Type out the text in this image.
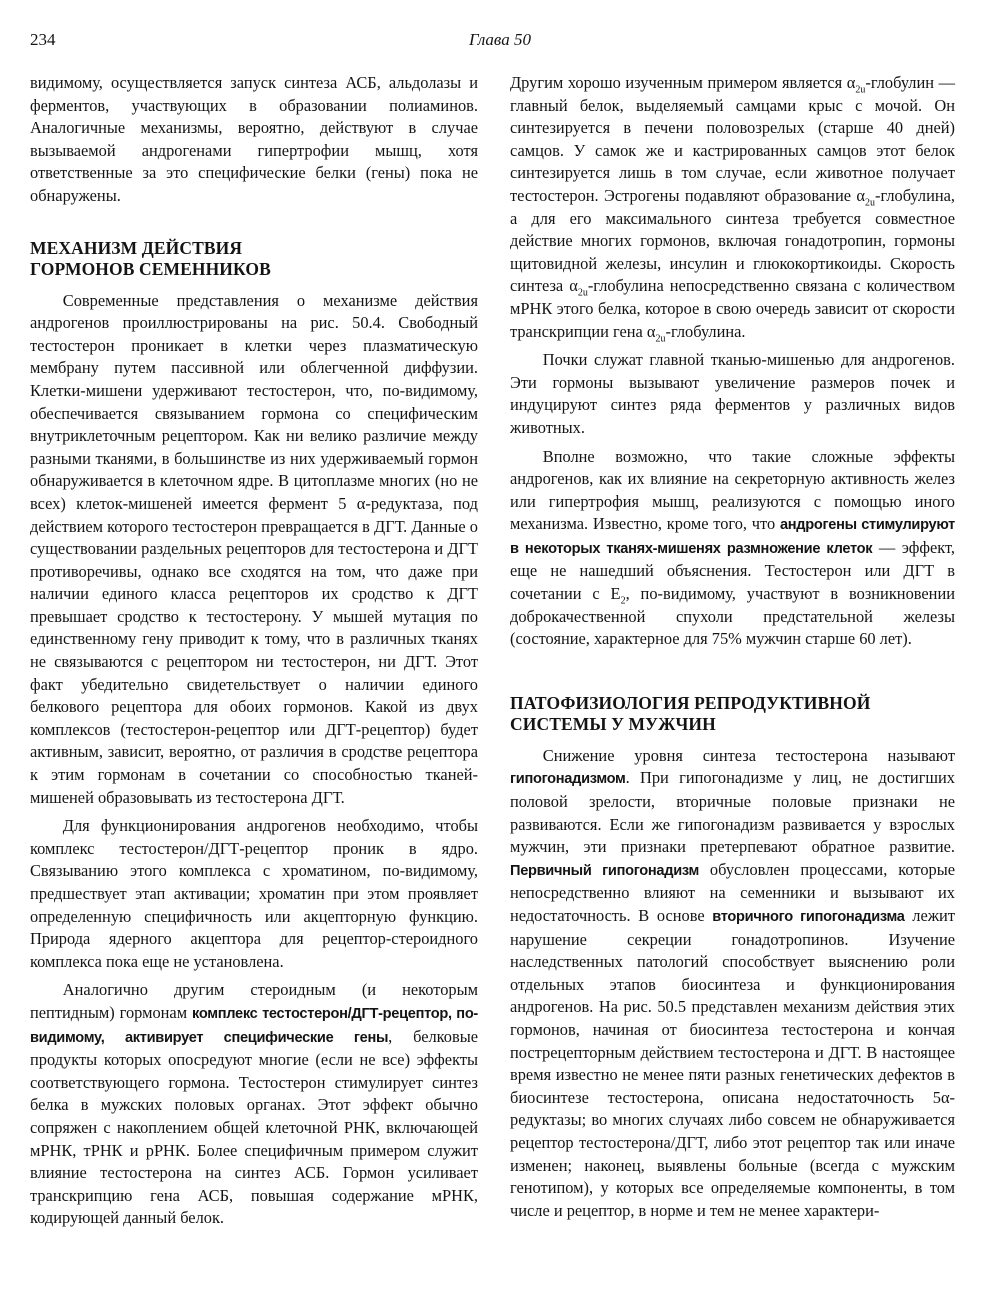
234	Глава 50

видимому, осуществляется запуск синтеза АСБ, альдолазы и ферментов, участвующих в образовании полиаминов. Аналогичные механизмы, вероятно, действуют в случае вызываемой андрогенами гипертрофии мышц, хотя ответственные за это специфические белки (гены) пока не обнаружены.

МЕХАНИЗМ ДЕЙСТВИЯ
ГОРМОНОВ СЕМЕННИКОВ

Современные представления о механизме действия андрогенов проиллюстрированы на рис. 50.4. Свободный тестостерон проникает в клетки через плазматическую мембрану путем пассивной или облегченной диффузии. Клетки-мишени удерживают тестостерон, что, по-видимому, обеспечивается связыванием гормона со специфическим внутриклеточным рецептором. Как ни велико различие между разными тканями, в большинстве из них удерживаемый гормон обнаруживается в клеточном ядре. В цитоплазме многих (но не всех) клеток-мишеней имеется фермент 5 α-редуктаза, под действием которого тестостерон превращается в ДГТ. Данные о существовании раздельных рецепторов для тестостерона и ДГТ противоречивы, однако все сходятся на том, что даже при наличии единого класса рецепторов их сродство к ДГТ превышает сродство к тестостерону. У мышей мутация по единственному гену приводит к тому, что в различных тканях не связываются с рецептором ни тестостерон, ни ДГТ. Этот факт убедительно свидетельствует о наличии единого белкового рецептора для обоих гормонов. Какой из двух комплексов (тестостерон-рецептор или ДГТ-рецептор) будет активным, зависит, вероятно, от различия в сродстве рецептора к этим гормонам в сочетании со способностью тканей-мишеней образовывать из тестостерона ДГТ.

Для функционирования андрогенов необходимо, чтобы комплекс тестостерон/ДГТ-рецептор проник в ядро. Связыванию этого комплекса с хроматином, по-видимому, предшествует этап активации; хроматин при этом проявляет определенную специфичность или акцепторную функцию. Природа ядерного акцептора для рецептор-стероидного комплекса пока еще не установлена.

Аналогично другим стероидным (и некоторым пептидным) гормонам комплекс тестостерон/ДГТ-рецептор, по-видимому, активирует специфические гены, белковые продукты которых опосредуют многие (если не все) эффекты соответствующего гормона. Тестостерон стимулирует синтез белка в мужских половых органах. Этот эффект обычно сопряжен с накоплением общей клеточной РНК, включающей мРНК, тРНК и рРНК. Более специфичным примером служит влияние тестостерона на синтез АСБ. Гормон усиливает транскрипцию гена АСБ, повышая содержание мРНК, кодирующей данный белок.

Другим хорошо изученным примером является $\alpha_{2u}$-глобулин — главный белок, выделяемый самцами крыс с мочой. Он синтезируется в печени половозрелых (старше 40 дней) самцов. У самок же и кастрированных самцов этот белок синтезируется лишь в том случае, если животное получает тестостерон. Эстрогены подавляют образование $\alpha_{2u}$-глобулина, а для его максимального синтеза требуется совместное действие многих гормонов, включая гонадотропин, гормоны щитовидной железы, инсулин и глюкокортикоиды. Скорость синтеза $\alpha_{2u}$-глобулина непосредственно связана с количеством мРНК этого белка, которое в свою очередь зависит от скорости транскрипции гена $\alpha_{2u}$-глобулина.

Почки служат главной тканью-мишенью для андрогенов. Эти гормоны вызывают увеличение размеров почек и индуцируют синтез ряда ферментов у различных видов животных.

Вполне возможно, что такие сложные эффекты андрогенов, как их влияние на секреторную активность желез или гипертрофия мышц, реализуются с помощью иного механизма. Известно, кроме того, что андрогены стимулируют в некоторых тканях-мишенях размножение клеток — эффект, еще не нашедший объяснения. Тестостерон или ДГТ в сочетании с $E_2$, по-видимому, участвуют в возникновении доброкачественной спухоли предстательной железы (состояние, характерное для 75% мужчин старше 60 лет).

ПАТОФИЗИОЛОГИЯ РЕПРОДУКТИВНОЙ
СИСТЕМЫ У МУЖЧИН

Снижение уровня синтеза тестостерона называют гипогонадизмом. При гипогонадизме у лиц, не достигших половой зрелости, вторичные половые признаки не развиваются. Если же гипогонадизм развивается у взрослых мужчин, эти признаки претерпевают обратное развитие. Первичный гипогонадизм обусловлен процессами, которые непосредственно влияют на семенники и вызывают их недостаточность. В основе вторичного гипогонадизма лежит нарушение секреции гонадотропинов. Изучение наследственных патологий способствует выяснению роли отдельных этапов биосинтеза и функционирования андрогенов. На рис. 50.5 представлен механизм действия этих гормонов, начиная от биосинтеза тестостерона и кончая пострецепторным действием тестостерона и ДГТ. В настоящее время известно не менее пяти разных генетических дефектов в биосинтезе тестостерона, описана недостаточность 5α-редуктазы; во многих случаях либо совсем не обнаруживается рецептор тестостерона/ДГТ, либо этот рецептор так или иначе изменен; наконец, выявлены больные (всегда с мужским генотипом), у которых все определяемые компоненты, в том числе и рецептор, в норме и тем не менее характери-
